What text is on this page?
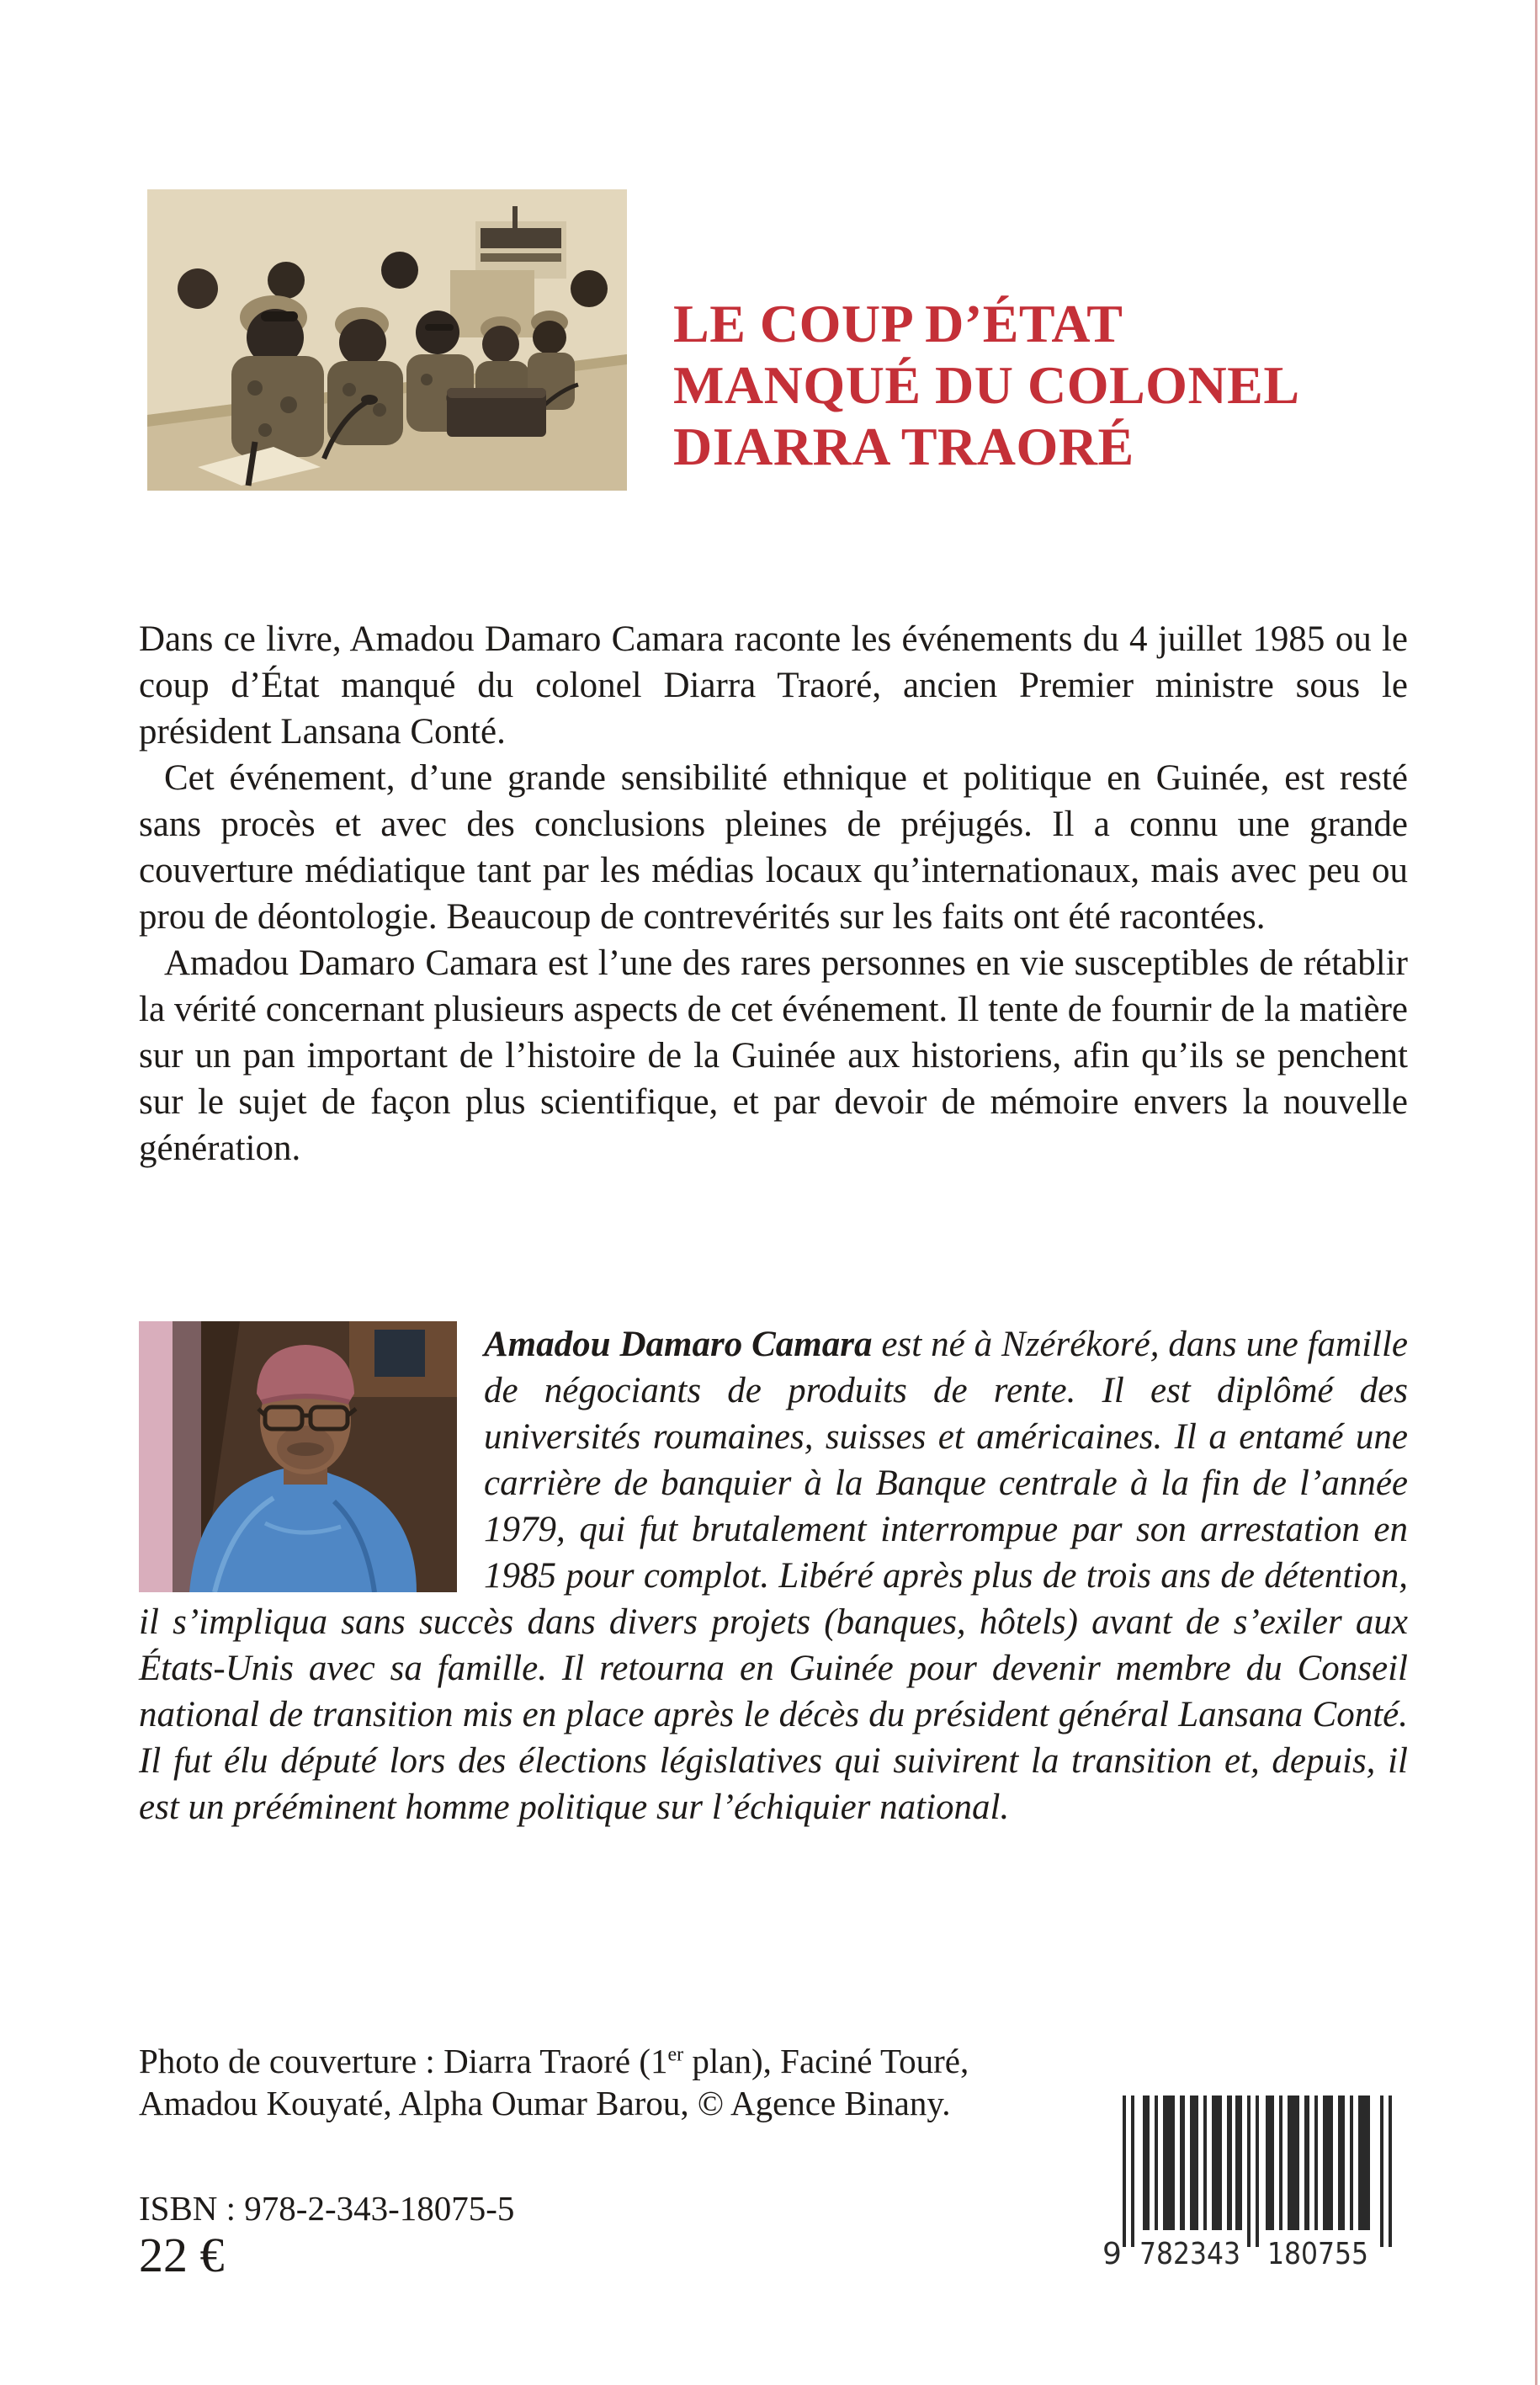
LE COUP D’ÉTAT
MANQUÉ DU COLONEL
DIARRA TRAORÉ

Dans ce livre, Amadou Damaro Camara raconte les événements du 4 juillet 1985 ou le coup d’État manqué du colonel Diarra Traoré, ancien Premier ministre sous le président Lansana Conté.

Cet événement, d’une grande sensibilité ethnique et politique en Guinée, est resté sans procès et avec des conclusions pleines de préjugés. Il a connu une grande couverture médiatique tant par les médias locaux qu’internationaux, mais avec peu ou prou de déontologie. Beaucoup de contrevérités sur les faits ont été racontées.

Amadou Damaro Camara est l’une des rares personnes en vie susceptibles de rétablir la vérité concernant plusieurs aspects de cet événement. Il tente de fournir de la matière sur un pan important de l’histoire de la Guinée aux historiens, afin qu’ils se penchent sur le sujet de façon plus scientifique, et par devoir de mémoire envers la nouvelle génération.

Amadou Damaro Camara est né à Nzérékoré, dans une famille de négociants de produits de rente. Il est diplômé des universités roumaines, suisses et américaines. Il a entamé une carrière de banquier à la Banque centrale à la fin de l’année 1979, qui fut brutalement interrompue par son arrestation en 1985 pour complot. Libéré après plus de trois ans de détention, il s’impliqua sans succès dans divers projets (banques, hôtels) avant de s’exiler aux États-Unis avec sa famille. Il retourna en Guinée pour devenir membre du Conseil national de transition mis en place après le décès du président général Lansana Conté. Il fut élu député lors des élections législatives qui suivirent la transition et, depuis, il est un prééminent homme politique sur l’échiquier national.
Photo de couverture : Diarra Traoré (1er plan), Faciné Touré,
Amadou Kouyaté, Alpha Oumar Barou, © Agence Binany.
ISBN : 978-2-343-18075-5
22 €	9 782343 180755
